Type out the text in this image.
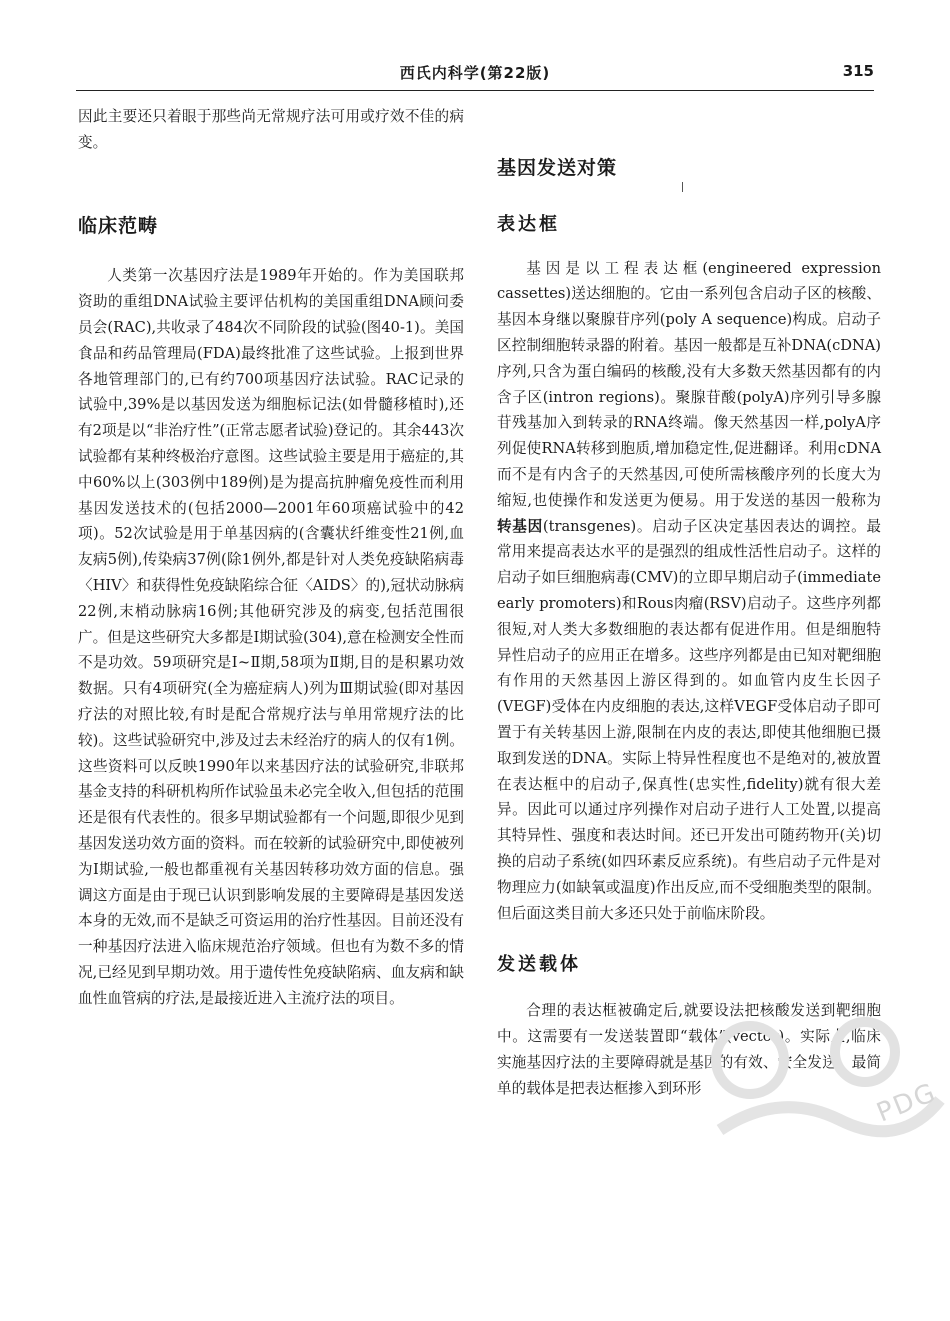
西氏内科学(第22版)	315

因此主要还只着眼于那些尚无常规疗法可用或疗效不佳的病变。

临床范畴

人类第一次基因疗法是1989年开始的。作为美国联邦资助的重组DNA试验主要评估机构的美国重组DNA顾问委员会(RAC),共收录了484次不同阶段的试验(图40-1)。美国食品和药品管理局(FDA)最终批准了这些试验。上报到世界各地管理部门的,已有约700项基因疗法试验。RAC记录的试验中,39%是以基因发送为细胞标记法(如骨髓移植时),还有2项是以“非治疗性”(正常志愿者试验)登记的。其余443次试验都有某种终极治疗意图。这些试验主要是用于癌症的,其中60%以上(303例中189例)是为提高抗肿瘤免疫性而利用基因发送技术的(包括2000—2001年60项癌试验中的42项)。52次试验是用于单基因病的(含囊状纤维变性21例,血友病5例),传染病37例(除1例外,都是针对人类免疫缺陷病毒〈HIV〉和获得性免疫缺陷综合征〈AIDS〉的),冠状动脉病22例,末梢动脉病16例;其他研究涉及的病变,包括范围很广。但是这些研究大多都是Ⅰ期试验(304),意在检测安全性而不是功效。59项研究是Ⅰ~Ⅱ期,58项为Ⅱ期,目的是积累功效数据。只有4项研究(全为癌症病人)列为Ⅲ期试验(即对基因疗法的对照比较,有时是配合常规疗法与单用常规疗法的比较)。这些试验研究中,涉及过去未经治疗的病人的仅有1例。这些资料可以反映1990年以来基因疗法的试验研究,非联邦基金支持的科研机构所作试验虽未必完全收入,但包括的范围还是很有代表性的。很多早期试验都有一个问题,即很少见到基因发送功效方面的资料。而在较新的试验研究中,即使被列为Ⅰ期试验,一般也都重视有关基因转移功效方面的信息。强调这方面是由于现已认识到影响发展的主要障碍是基因发送本身的无效,而不是缺乏可资运用的治疗性基因。目前还没有一种基因疗法进入临床规范治疗领域。但也有为数不多的情况,已经见到早期功效。用于遗传性免疫缺陷病、血友病和缺血性血管病的疗法,是最接近进入主流疗法的项目。

基因发送对策
表达框

基因是以工程表达框(engineered expression cassettes)送达细胞的。它由一系列包含启动子区的核酸、基因本身继以聚腺苷序列(poly A sequence)构成。启动子区控制细胞转录器的附着。基因一般都是互补DNA(cDNA)序列,只含为蛋白编码的核酸,没有大多数天然基因都有的内含子区(intron regions)。聚腺苷酸(polyA)序列引导多腺苷残基加入到转录的RNA终端。像天然基因一样,polyA序列促使RNA转移到胞质,增加稳定性,促进翻译。利用cDNA而不是有内含子的天然基因,可使所需核酸序列的长度大为缩短,也使操作和发送更为便易。用于发送的基因一般称为转基因(transgenes)。启动子区决定基因表达的调控。最常用来提高表达水平的是强烈的组成性活性启动子。这样的启动子如巨细胞病毒(CMV)的立即早期启动子(immediate early promoters)和Rous肉瘤(RSV)启动子。这些序列都很短,对人类大多数细胞的表达都有促进作用。但是细胞特异性启动子的应用正在增多。这些序列都是由已知对靶细胞有作用的天然基因上游区得到的。如血管内皮生长因子(VEGF)受体在内皮细胞的表达,这样VEGF受体启动子即可置于有关转基因上游,限制在内皮的表达,即使其他细胞已摄取到发送的DNA。实际上特异性程度也不是绝对的,被放置在表达框中的启动子,保真性(忠实性,fidelity)就有很大差异。因此可以通过序列操作对启动子进行人工处置,以提高其特异性、强度和表达时间。还已开发出可随药物开(关)切换的启动子系统(如四环素反应系统)。有些启动子元件是对物理应力(如缺氧或温度)作出反应,而不受细胞类型的限制。但后面这类目前大多还只处于前临床阶段。

发送载体

合理的表达框被确定后,就要设法把核酸发送到靶细胞中。这需要有一发送装置即“载体”(vector)。实际上,临床实施基因疗法的主要障碍就是基因的有效、安全发送。最简单的载体是把表达框掺入到环形	PDG
